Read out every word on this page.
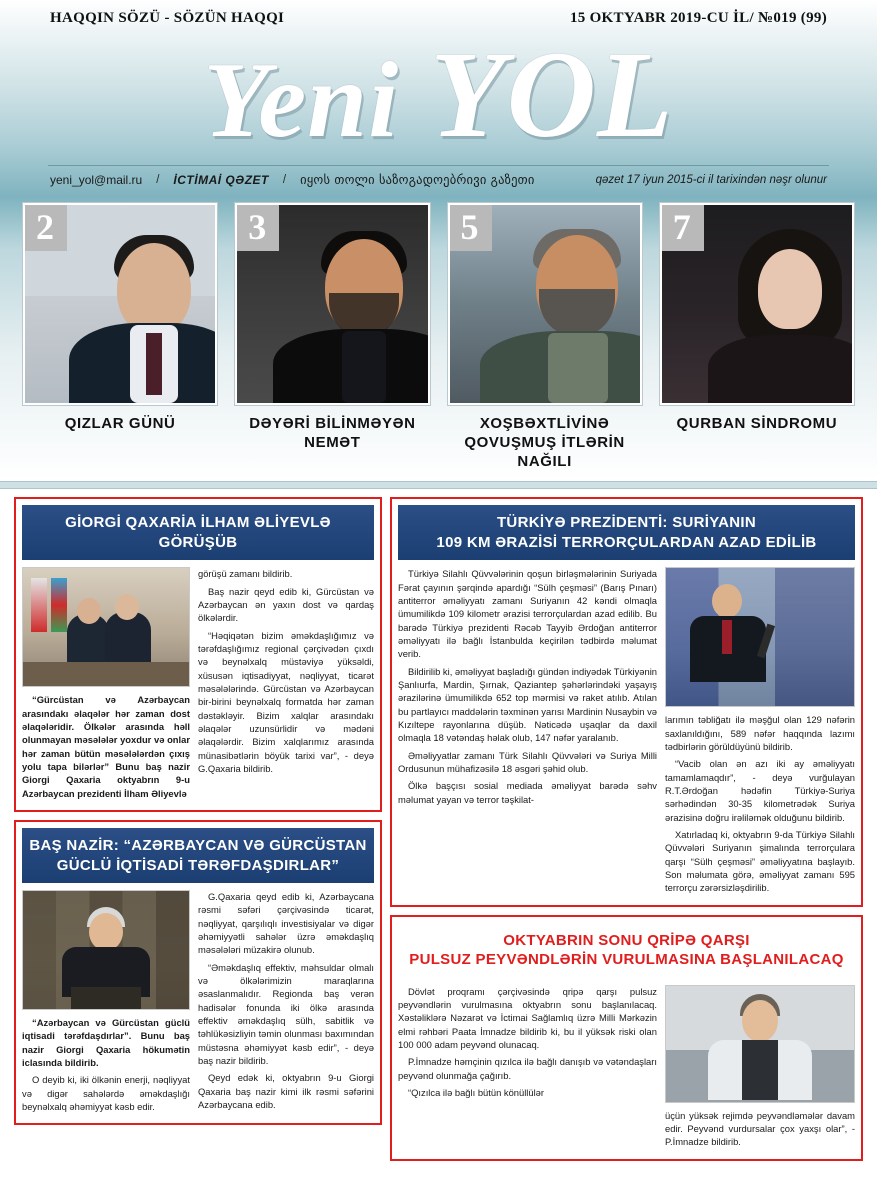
HAQQIN SÖZÜ - SÖZÜN HAQQI	15 OKTYABR 2019-CU İL/ №019 (99)
Yeni YOL
yeni_yol@mail.ru / İCTİMAİ QƏZET / იყოს თოლი საზოგადოებრივი გაზეთი	qəzet 17 iyun 2015-ci il tarixindən nəşr olunur
2
QIZLAR GÜNÜ
3
DƏYƏRİ BİLİNMƏYƏN NEMƏT
5
XOŞBƏXTLİVİNƏ QOVUŞMUŞ İTLƏRİN NAĞILI
7
QURBAN SİNDROMU
GİORGİ QAXARİA İLHAM ƏLİYEVLƏ GÖRÜŞÜB

“Gürcüstan və Azərbaycan arasındakı əlaqələr hər zaman dost əlaqələridir. Ölkələr arasında həll olunmayan məsələlər yoxdur və onlar hər zaman bütün məsələlərdən çıxış yolu tapa bilərlər” Bunu baş nazir Giorgi Qaxaria oktyabrın 9-u Azərbaycan prezidenti İlham Əliyevlə

görüşü zamanı bildirib.

Baş nazir qeyd edib ki, Gürcüstan və Azərbaycan ən yaxın dost və qardaş ölkələrdir.

“Həqiqətən bizim əməkdaşlığımız və tərəfdaşlığımız regional çərçivədən çıxdı və beynəlxalq müstəviyə yüksəldi, xüsusən iqtisadiyyat, nəqliyyat, ticarət məsələlərində. Gürcüstan və Azərbaycan bir-birini beynəlxalq formatda hər zaman dəstəkləyir. Bizim xalqlar arasındakı əlaqələr uzunsürlidir və mədəni əlaqələrdir. Bizim xalqlarımız arasında münasibətlərin böyük tarixi var”, - deyə G.Qaxaria bildirib.

BAŞ NAZİR: “AZƏRBAYCAN VƏ GÜRCÜSTAN GÜCLÜ İQTİSADİ TƏRƏFDAŞDIRLAR”

“Azərbaycan və Gürcüstan güclü iqtisadi tərəfdaşdırlar”. Bunu baş nazir Giorgi Qaxaria hökumətin iclasında bildirib.

O deyib ki, iki ölkənin enerji, nəqliyyat və digər sahələrdə əməkdaşlığı beynəlxalq əhəmiyyət kəsb edir.

G.Qaxaria qeyd edib ki, Azərbaycana rəsmi səfəri çərçivəsində ticarət, nəqliyyat, qarşılıqlı investisiyalar və digər əhəmiyyətli sahələr üzrə əməkdaşlıq məsələləri müzakirə olunub.

“Əməkdaşlıq effektiv, məhsuldar olmalı və ölkələrimizin maraqlarına əsaslanmalıdır. Regionda baş verən hadisələr fonunda iki ölkə arasında effektiv əməkdaşlıq sülh, sabitlik və təhlükəsizliyin təmin olunması baxımından müstəsna əhəmiyyət kəsb edir”, - deyə baş nazir bildirib.

Qeyd edək ki, oktyabrın 9-u Giorgi Qaxaria baş nazir kimi ilk rəsmi səfərini Azərbaycana edib.

TÜRKİYƏ PREZİDENTİ: SURİYANIN
109 KM ƏRAZİSİ TERRORÇULARDAN AZAD EDİLİB

Türkiyə Silahlı Qüvvələrinin qoşun birləşmələrinin Suriyada Fərat çayının şərqində apardığı “Sülh çeşməsi” (Barış Pınarı) antiterror əməliyyatı zamanı Suriyanın 42 kəndi olmaqla ümumilikdə 109 kilometr ərazisi terrorçulardan azad edilib. Bu barədə Türkiyə prezidenti Rəcəb Tayyib Ərdoğan antiterror əməliyyatı ilə bağlı İstanbulda keçirilən tədbirdə məlumat verib.

Bildirilib ki, əməliyyat başladığı gündən indiyədək Türkiyənin Şanlıurfa, Mardin, Şırnak, Qaziantep şəhərlərindəki yaşayış ərazilərinə ümumilikdə 652 top mərmisi və raket atılıb. Atılan bu partlayıcı maddələrin təxminən yarısı Mardinin Nusaybin və Kızıltepe rayonlarına düşüb. Nəticədə uşaqlar da daxil olmaqla 18 vətəndaş həlak olub, 147 nəfər yaralanıb.

Əməliyyatlar zamanı Türk Silahlı Qüvvələri və Suriya Milli Ordusunun mühafizəsilə 18 əsgəri şəhid olub.

Ölkə başçısı sosial mediada əməliyyat barədə səhv məlumat yayan və terror təşkilat-

larımın təbliğatı ilə məşğul olan 129 nəfərin saxlanıldığını, 589 nəfər haqqında lazımı tədbirlərin görüldüyünü bildirib.

“Vacib olan ən azı iki ay əməliyyatı tamamlamaqdır”, - deyə vurğulayan R.T.Ərdoğan hədəfin Türkiyə-Suriya sərhədindən 30-35 kilometrədək Suriya ərazisinə doğru irəliləmək olduğunu bildirib.

Xatırladaq ki, oktyabrın 9-da Türkiyə Silahlı Qüvvələri Suriyanın şimalında terrorçulara qarşı “Sülh çeşməsi” əməliyyatına başlayıb. Son məlumata görə, əməliyyat zamanı 595 terrorçu zərərsizləşdirilib.

OKTYABRIN SONU QRİPƏ QARŞI
PULSUZ PEYVƏNDLƏRİN VURULMASINA BAŞLANILACAQ

Dövlət proqramı çərçivəsində qripə qarşı pulsuz peyvəndlərin vurulmasına oktyabrın sonu başlanılacaq. Xəstəliklərə Nəzarət və İctimai Sağlamlıq üzrə Milli Mərkəzin elmi rəhbəri Paata İmnadze bildirib ki, bu il yüksək riski olan 100 000 adam peyvənd olunacaq.

P.İmnadze həmçinin qızılca ilə bağlı danışıb və vətəndaşları peyvənd olunmağa çağırıb.

“Qızılca ilə bağlı bütün könüllülər

üçün yüksək rejimdə peyvəndləmələr davam edir. Peyvənd vurdursalar çox yaxşı olar”, - P.İmnadze bildirib.
